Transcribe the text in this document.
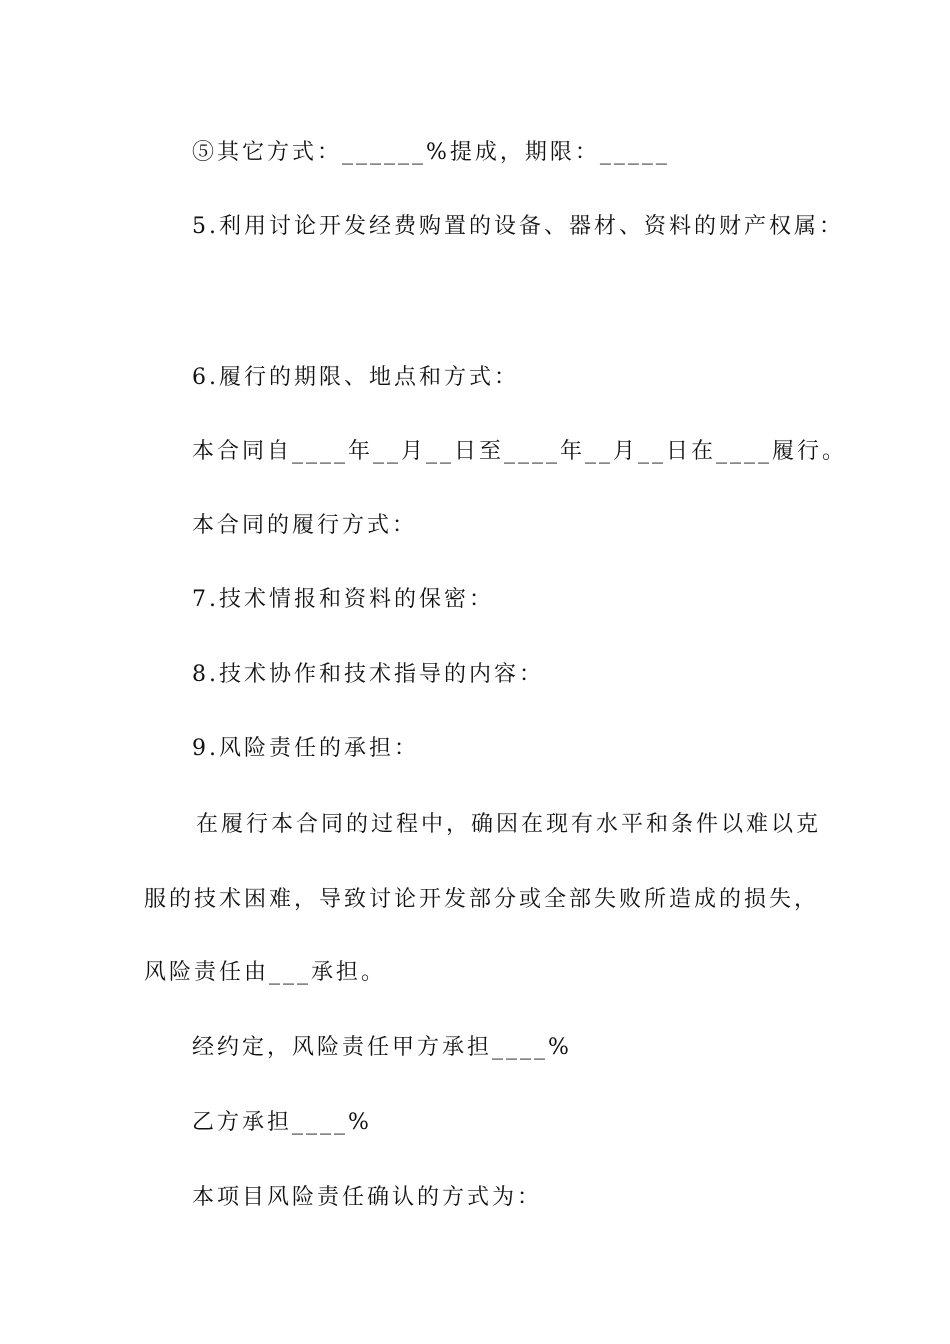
⑤其它方式：______%提成，期限：_____
5.利用讨论开发经费购置的设备、器材、资料的财产权属：
6.履行的期限、地点和方式：
本合同自____年__月__日至____年__月__日在____履行。
本合同的履行方式：
7.技术情报和资料的保密：
8.技术协作和技术指导的内容：
9.风险责任的承担：
在履行本合同的过程中，确因在现有水平和条件以难以克
服的技术困难，导致讨论开发部分或全部失败所造成的损失，
风险责任由___承担。
经约定，风险责任甲方承担____%
乙方承担____%
本项目风险责任确认的方式为：
